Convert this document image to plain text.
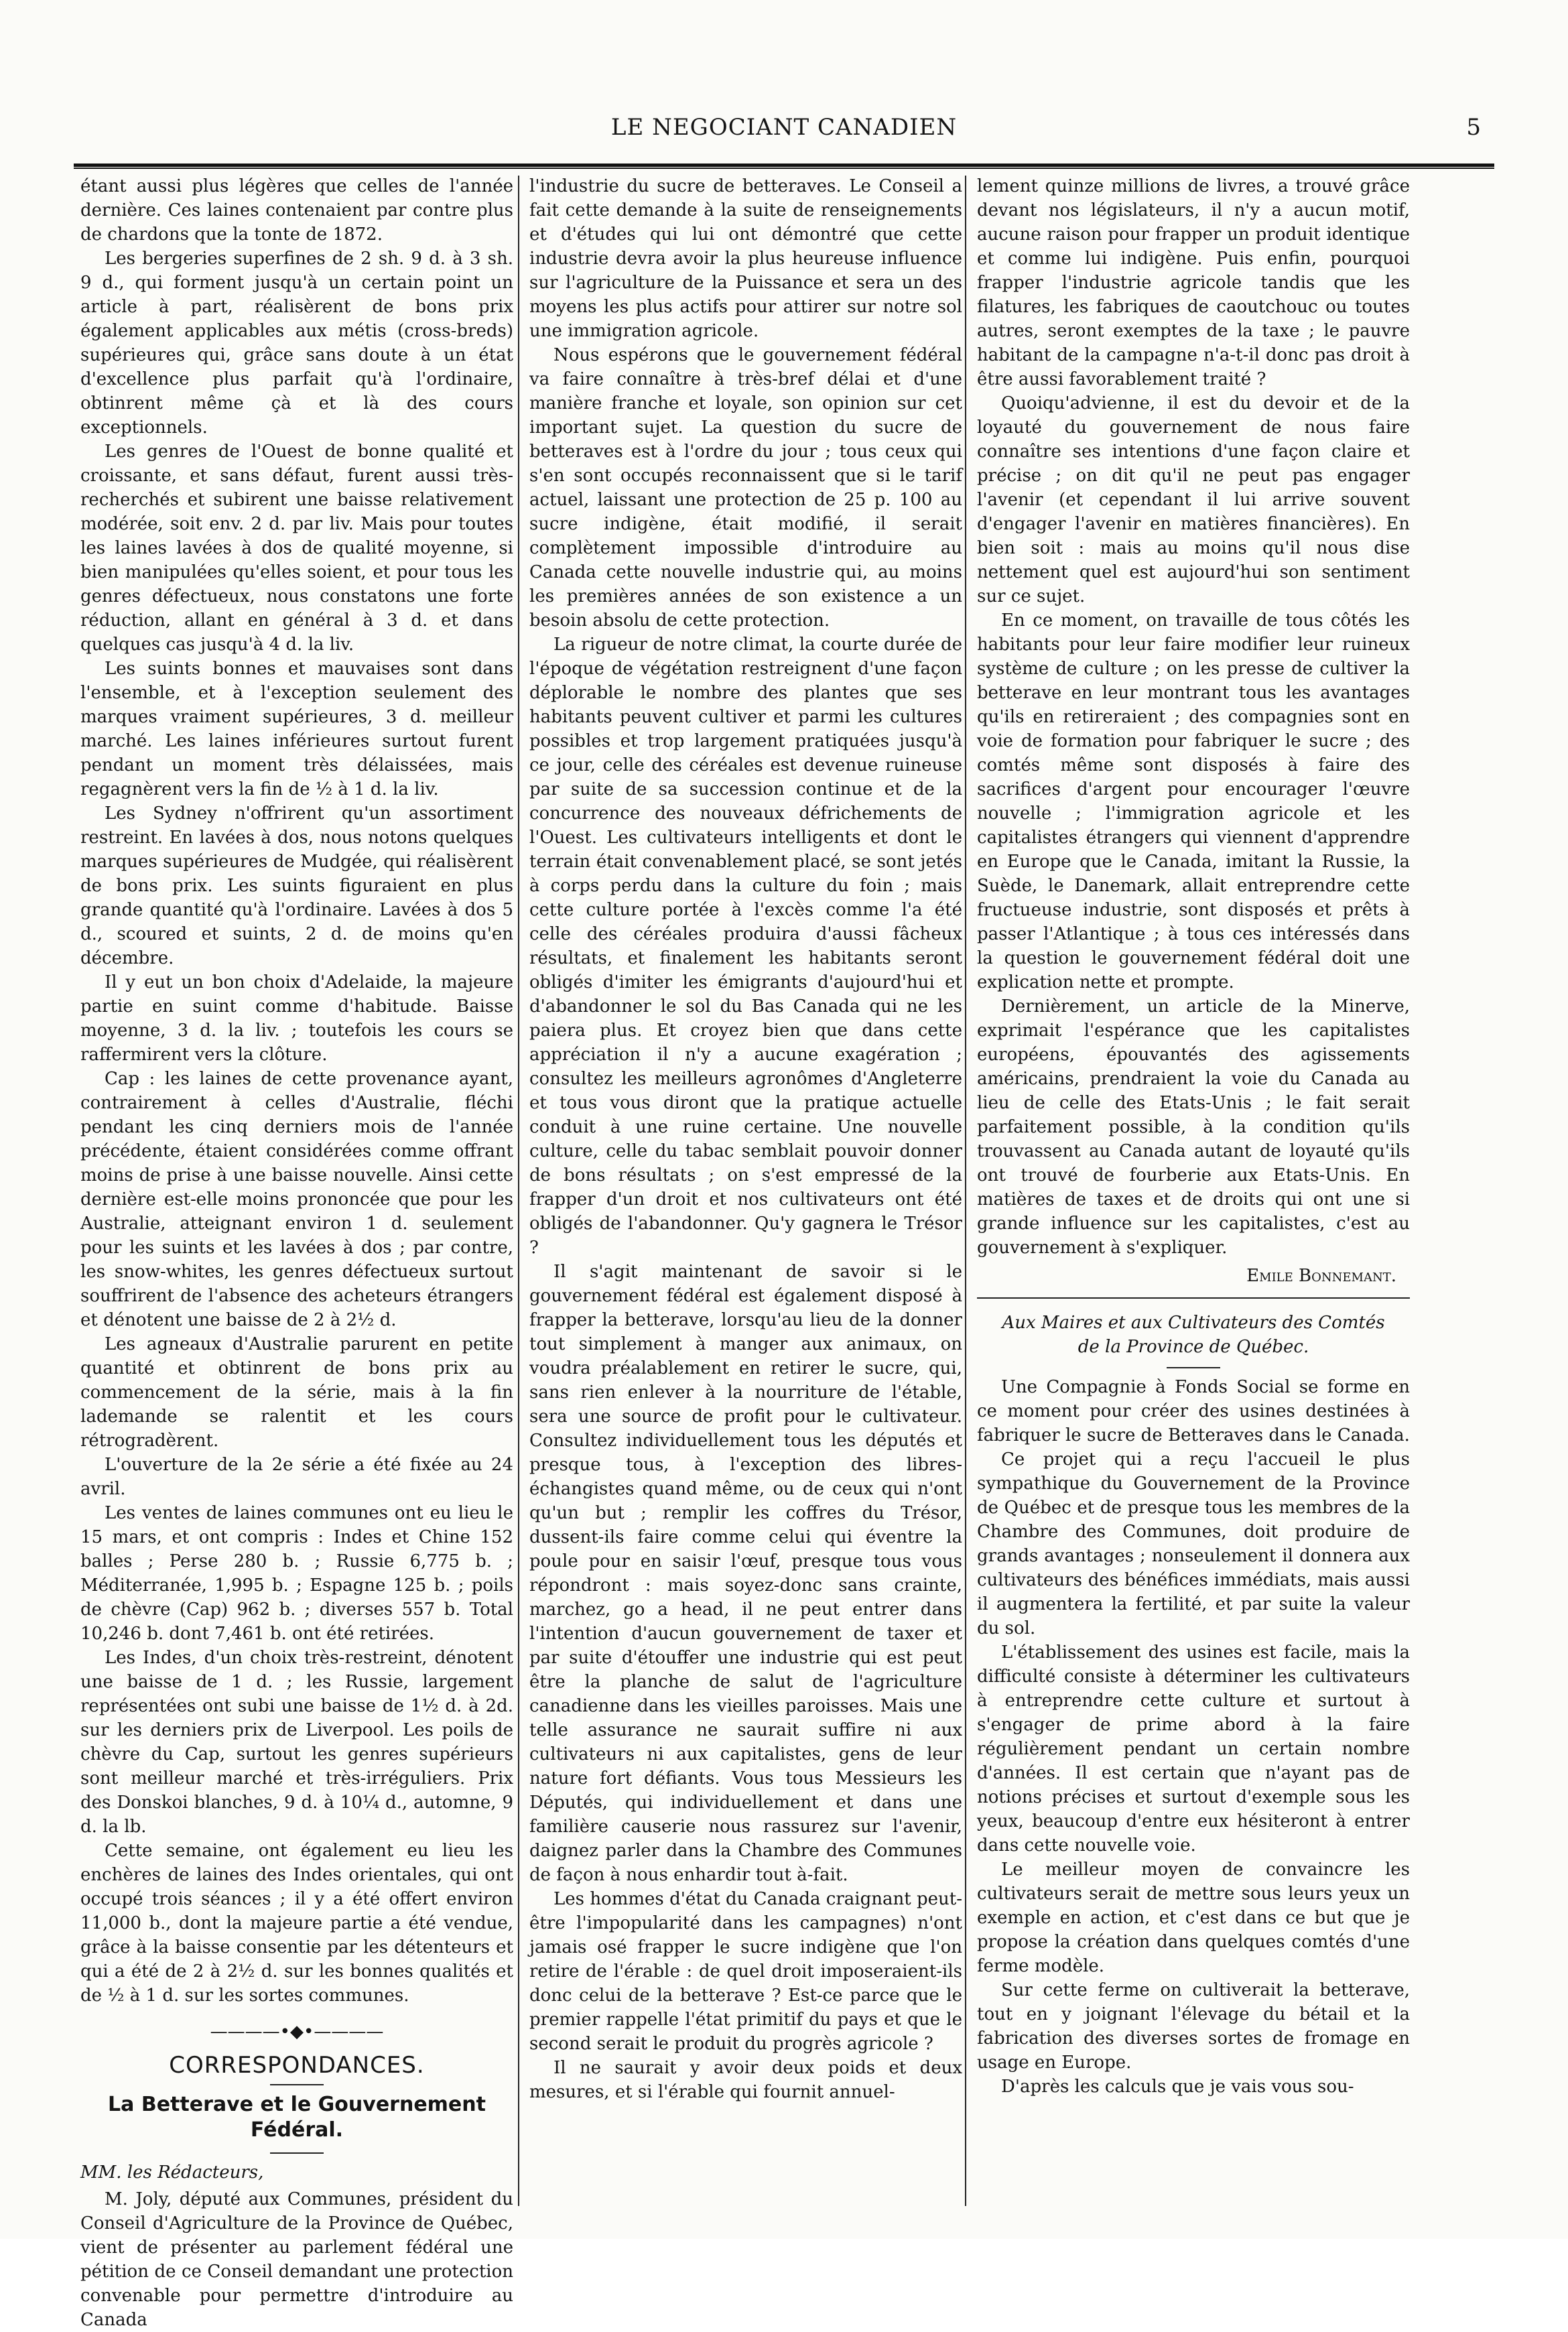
LE NEGOCIANT CANADIEN	5

étant aussi plus légères que celles de l'année dernière. Ces laines contenaient par contre plus de chardons que la tonte de 1872.

Les bergeries superfines de 2 sh. 9 d. à 3 sh. 9 d., qui forment jusqu'à un certain point un article à part, réalisèrent de bons prix également applicables aux métis (cross-breds) supérieures qui, grâce sans doute à un état d'excellence plus parfait qu'à l'ordinaire, obtinrent même çà et là des cours exceptionnels.

Les genres de l'Ouest de bonne qualité et croissante, et sans défaut, furent aussi très-recherchés et subirent une baisse relativement modérée, soit env. 2 d. par liv. Mais pour toutes les laines lavées à dos de qualité moyenne, si bien manipulées qu'elles soient, et pour tous les genres défectueux, nous constatons une forte réduction, allant en général à 3 d. et dans quelques cas jusqu'à 4 d. la liv.

Les suints bonnes et mauvaises sont dans l'ensemble, et à l'exception seulement des marques vraiment supérieures, 3 d. meilleur marché. Les laines inférieures surtout furent pendant un moment très délaissées, mais regagnèrent vers la fin de ½ à 1 d. la liv.

Les Sydney n'offrirent qu'un assortiment restreint. En lavées à dos, nous notons quelques marques supérieures de Mudgée, qui réalisèrent de bons prix. Les suints figuraient en plus grande quantité qu'à l'ordinaire. Lavées à dos 5 d., scoured et suints, 2 d. de moins qu'en décembre.

Il y eut un bon choix d'Adelaide, la majeure partie en suint comme d'habitude. Baisse moyenne, 3 d. la liv. ; toutefois les cours se raffermirent vers la clôture.

Cap : les laines de cette provenance ayant, contrairement à celles d'Australie, fléchi pendant les cinq derniers mois de l'année précédente, étaient considérées comme offrant moins de prise à une baisse nouvelle. Ainsi cette dernière est-elle moins prononcée que pour les Australie, atteignant environ 1 d. seulement pour les suints et les lavées à dos ; par contre, les snow-whites, les genres défectueux surtout souffrirent de l'absence des acheteurs étrangers et dénotent une baisse de 2 à 2½ d.

Les agneaux d'Australie parurent en petite quantité et obtinrent de bons prix au commencement de la série, mais à la fin lademande se ralentit et les cours rétrogradèrent.

L'ouverture de la 2e série a été fixée au 24 avril.

Les ventes de laines communes ont eu lieu le 15 mars, et ont compris : Indes et Chine 152 balles ; Perse 280 b. ; Russie 6,775 b. ; Méditerranée, 1,995 b. ; Espagne 125 b. ; poils de chèvre (Cap) 962 b. ; diverses 557 b. Total 10,246 b. dont 7,461 b. ont été retirées.

Les Indes, d'un choix très-restreint, dénotent une baisse de 1 d. ; les Russie, largement représentées ont subi une baisse de 1½ d. à 2d. sur les derniers prix de Liverpool. Les poils de chèvre du Cap, surtout les genres supérieurs sont meilleur marché et très-irréguliers. Prix des Donskoi blanches, 9 d. à 10¼ d., automne, 9 d. la lb.

Cette semaine, ont également eu lieu les enchères de laines des Indes orientales, qui ont occupé trois séances ; il y a été offert environ 11,000 b., dont la majeure partie a été vendue, grâce à la baisse consentie par les détenteurs et qui a été de 2 à 2½ d. sur les bonnes qualités et de ½ à 1 d. sur les sortes communes.

————•◆•————

CORRESPONDANCES.

La Betterave et le Gouvernement Fédéral.

MM. les Rédacteurs,

M. Joly, député aux Communes, président du Conseil d'Agriculture de la Province de Québec, vient de présenter au parlement fédéral une pétition de ce Conseil demandant une protection convenable pour permettre d'introduire au Canada

l'industrie du sucre de betteraves. Le Conseil a fait cette demande à la suite de renseignements et d'études qui lui ont démontré que cette industrie devra avoir la plus heureuse influence sur l'agriculture de la Puissance et sera un des moyens les plus actifs pour attirer sur notre sol une immigration agricole.

Nous espérons que le gouvernement fédéral va faire connaître à très-bref délai et d'une manière franche et loyale, son opinion sur cet important sujet. La question du sucre de betteraves est à l'ordre du jour ; tous ceux qui s'en sont occupés reconnaissent que si le tarif actuel, laissant une protection de 25 p. 100 au sucre indigène, était modifié, il serait complètement impossible d'introduire au Canada cette nouvelle industrie qui, au moins les premières années de son existence a un besoin absolu de cette protection.

La rigueur de notre climat, la courte durée de l'époque de végétation restreignent d'une façon déplorable le nombre des plantes que ses habitants peuvent cultiver et parmi les cultures possibles et trop largement pratiquées jusqu'à ce jour, celle des céréales est devenue ruineuse par suite de sa succession continue et de la concurrence des nouveaux défrichements de l'Ouest. Les cultivateurs intelligents et dont le terrain était convenablement placé, se sont jetés à corps perdu dans la culture du foin ; mais cette culture portée à l'excès comme l'a été celle des céréales produira d'aussi fâcheux résultats, et finalement les habitants seront obligés d'imiter les émigrants d'aujourd'hui et d'abandonner le sol du Bas Canada qui ne les paiera plus. Et croyez bien que dans cette appréciation il n'y a aucune exagération ; consultez les meilleurs agronômes d'Angleterre et tous vous diront que la pratique actuelle conduit à une ruine certaine. Une nouvelle culture, celle du tabac semblait pouvoir donner de bons résultats ; on s'est empressé de la frapper d'un droit et nos cultivateurs ont été obligés de l'abandonner. Qu'y gagnera le Trésor ?

Il s'agit maintenant de savoir si le gouvernement fédéral est également disposé à frapper la betterave, lorsqu'au lieu de la donner tout simplement à manger aux animaux, on voudra préalablement en retirer le sucre, qui, sans rien enlever à la nourriture de l'étable, sera une source de profit pour le cultivateur. Consultez individuellement tous les députés et presque tous, à l'exception des libres-échangistes quand même, ou de ceux qui n'ont qu'un but ; remplir les coffres du Trésor, dussent-ils faire comme celui qui éventre la poule pour en saisir l'œuf, presque tous vous répondront : mais soyez-donc sans crainte, marchez, go a head, il ne peut entrer dans l'intention d'aucun gouvernement de taxer et par suite d'étouffer une industrie qui est peut être la planche de salut de l'agriculture canadienne dans les vieilles paroisses. Mais une telle assurance ne saurait suffire ni aux cultivateurs ni aux capitalistes, gens de leur nature fort défiants. Vous tous Messieurs les Députés, qui individuellement et dans une familière causerie nous rassurez sur l'avenir, daignez parler dans la Chambre des Communes de façon à nous enhardir tout à-fait.

Les hommes d'état du Canada craignant peut-être l'impopularité dans les campagnes) n'ont jamais osé frapper le sucre indigène que l'on retire de l'érable : de quel droit imposeraient-ils donc celui de la betterave ? Est-ce parce que le premier rappelle l'état primitif du pays et que le second serait le produit du progrès agricole ?

Il ne saurait y avoir deux poids et deux mesures, et si l'érable qui fournit annuel-

lement quinze millions de livres, a trouvé grâce devant nos législateurs, il n'y a aucun motif, aucune raison pour frapper un produit identique et comme lui indigène. Puis enfin, pourquoi frapper l'industrie agricole tandis que les filatures, les fabriques de caoutchouc ou toutes autres, seront exemptes de la taxe ; le pauvre habitant de la campagne n'a-t-il donc pas droit à être aussi favorablement traité ?

Quoiqu'advienne, il est du devoir et de la loyauté du gouvernement de nous faire connaître ses intentions d'une façon claire et précise ; on dit qu'il ne peut pas engager l'avenir (et cependant il lui arrive souvent d'engager l'avenir en matières financières). En bien soit : mais au moins qu'il nous dise nettement quel est aujourd'hui son sentiment sur ce sujet.

En ce moment, on travaille de tous côtés les habitants pour leur faire modifier leur ruineux système de culture ; on les presse de cultiver la betterave en leur montrant tous les avantages qu'ils en retireraient ; des compagnies sont en voie de formation pour fabriquer le sucre ; des comtés même sont disposés à faire des sacrifices d'argent pour encourager l'œuvre nouvelle ; l'immigration agricole et les capitalistes étrangers qui viennent d'apprendre en Europe que le Canada, imitant la Russie, la Suède, le Danemark, allait entreprendre cette fructueuse industrie, sont disposés et prêts à passer l'Atlantique ; à tous ces intéressés dans la question le gouvernement fédéral doit une explication nette et prompte.

Dernièrement, un article de la Minerve, exprimait l'espérance que les capitalistes européens, épouvantés des agissements américains, prendraient la voie du Canada au lieu de celle des Etats-Unis ; le fait serait parfaitement possible, à la condition qu'ils trouvassent au Canada autant de loyauté qu'ils ont trouvé de fourberie aux Etats-Unis. En matières de taxes et de droits qui ont une si grande influence sur les capitalistes, c'est au gouvernement à s'expliquer.

Emile Bonnemant.

Aux Maires et aux Cultivateurs des Comtés de la Province de Québec.

Une Compagnie à Fonds Social se forme en ce moment pour créer des usines destinées à fabriquer le sucre de Betteraves dans le Canada.

Ce projet qui a reçu l'accueil le plus sympathique du Gouvernement de la Province de Québec et de presque tous les membres de la Chambre des Communes, doit produire de grands avantages ; nonseulement il donnera aux cultivateurs des bénéfices immédiats, mais aussi il augmentera la fertilité, et par suite la valeur du sol.

L'établissement des usines est facile, mais la difficulté consiste à déterminer les cultivateurs à entreprendre cette culture et surtout à s'engager de prime abord à la faire régulièrement pendant un certain nombre d'années. Il est certain que n'ayant pas de notions précises et surtout d'exemple sous les yeux, beaucoup d'entre eux hésiteront à entrer dans cette nouvelle voie.

Le meilleur moyen de convaincre les cultivateurs serait de mettre sous leurs yeux un exemple en action, et c'est dans ce but que je propose la création dans quelques comtés d'une ferme modèle.

Sur cette ferme on cultiverait la betterave, tout en y joignant l'élevage du bétail et la fabrication des diverses sortes de fromage en usage en Europe.

D'après les calculs que je vais vous sou-
